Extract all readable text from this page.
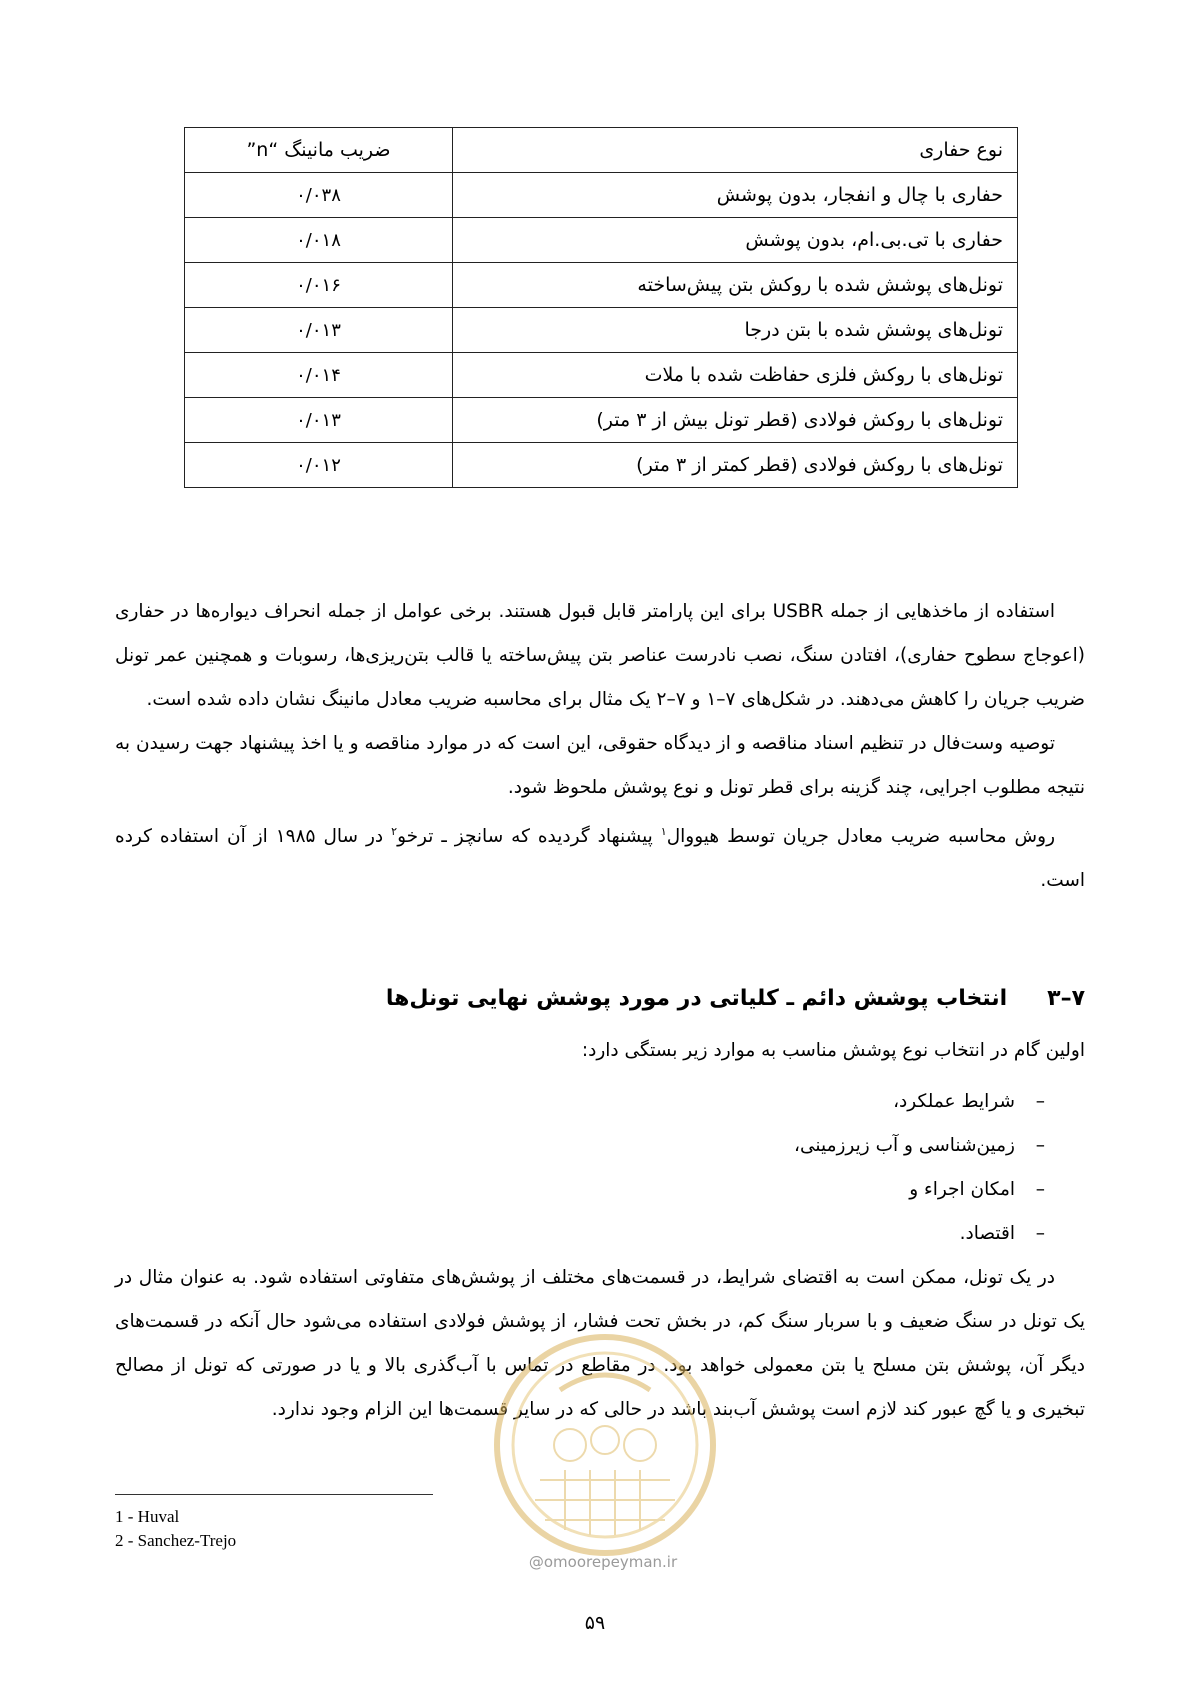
نوع حفاری	ضریب مانینگ “n”
حفاری با چال و انفجار، بدون پوشش	۰/۰۳۸
حفاری با تی.بی.ام، بدون پوشش	۰/۰۱۸
تونل‌های پوشش شده با روکش بتن پیش‌ساخته	۰/۰۱۶
تونل‌های پوشش شده با بتن درجا	۰/۰۱۳
تونل‌های با روکش فلزی حفاظت شده با ملات	۰/۰۱۴
تونل‌های با روکش فولادی (قطر تونل بیش از ۳ متر)	۰/۰۱۳
تونل‌های با روکش فولادی (قطر کمتر از ۳ متر)	۰/۰۱۲

استفاده از ماخذهایی از جمله USBR برای این پارامتر قابل قبول هستند. برخی عوامل از جمله انحراف دیواره‌ها در حفاری (اعوجاج سطوح حفاری)، افتادن سنگ، نصب نادرست عناصر بتن پیش‌ساخته یا قالب بتن‌ریزی‌ها، رسوبات و همچنین عمر تونل ضریب جریان را کاهش می‌دهند. در شکل‌های ۷–۱ و ۷–۲ یک مثال برای محاسبه ضریب معادل مانینگ نشان داده شده است.

توصیه وست‌فال در تنظیم اسناد مناقصه و از دیدگاه حقوقی، این است که در موارد مناقصه و یا اخذ پیشنهاد جهت رسیدن به نتیجه مطلوب اجرایی، چند گزینه برای قطر تونل و نوع پوشش ملحوظ شود.

روش محاسبه ضریب معادل جریان توسط هیووال$^۱$ پیشنهاد گردیده که سانچز ـ ترخو$^۲$ در سال ۱۹۸۵ از آن استفاده کرده است.

۷–۳انتخاب پوشش دائم ـ کلیاتی در مورد پوشش نهایی تونل‌ها
اولین گام در انتخاب نوع پوشش مناسب به موارد زیر بستگی دارد:
–شرایط عملکرد،
–زمین‌شناسی و آب زیرزمینی،
–امکان اجراء و
–اقتصاد.

در یک تونل، ممکن است به اقتضای شرایط، در قسمت‌های مختلف از پوشش‌های متفاوتی استفاده شود. به عنوان مثال در یک تونل در سنگ ضعیف و با سربار سنگ کم، در بخش تحت فشار، از پوشش فولادی استفاده می‌شود حال آنکه در قسمت‌های دیگر آن، پوشش بتن مسلح یا بتن معمولی خواهد بود. در مقاطع در تماس با آب‌گذری بالا و یا در صورتی که تونل از مصالح تبخیری و یا گچ عبور کند لازم است پوشش آب‌بند باشد در حالی که در سایر قسمت‌ها این الزام وجود ندارد.

@omoorepeyman.ir
1 - Huval
2 - Sanchez-Trejo
۵۹
